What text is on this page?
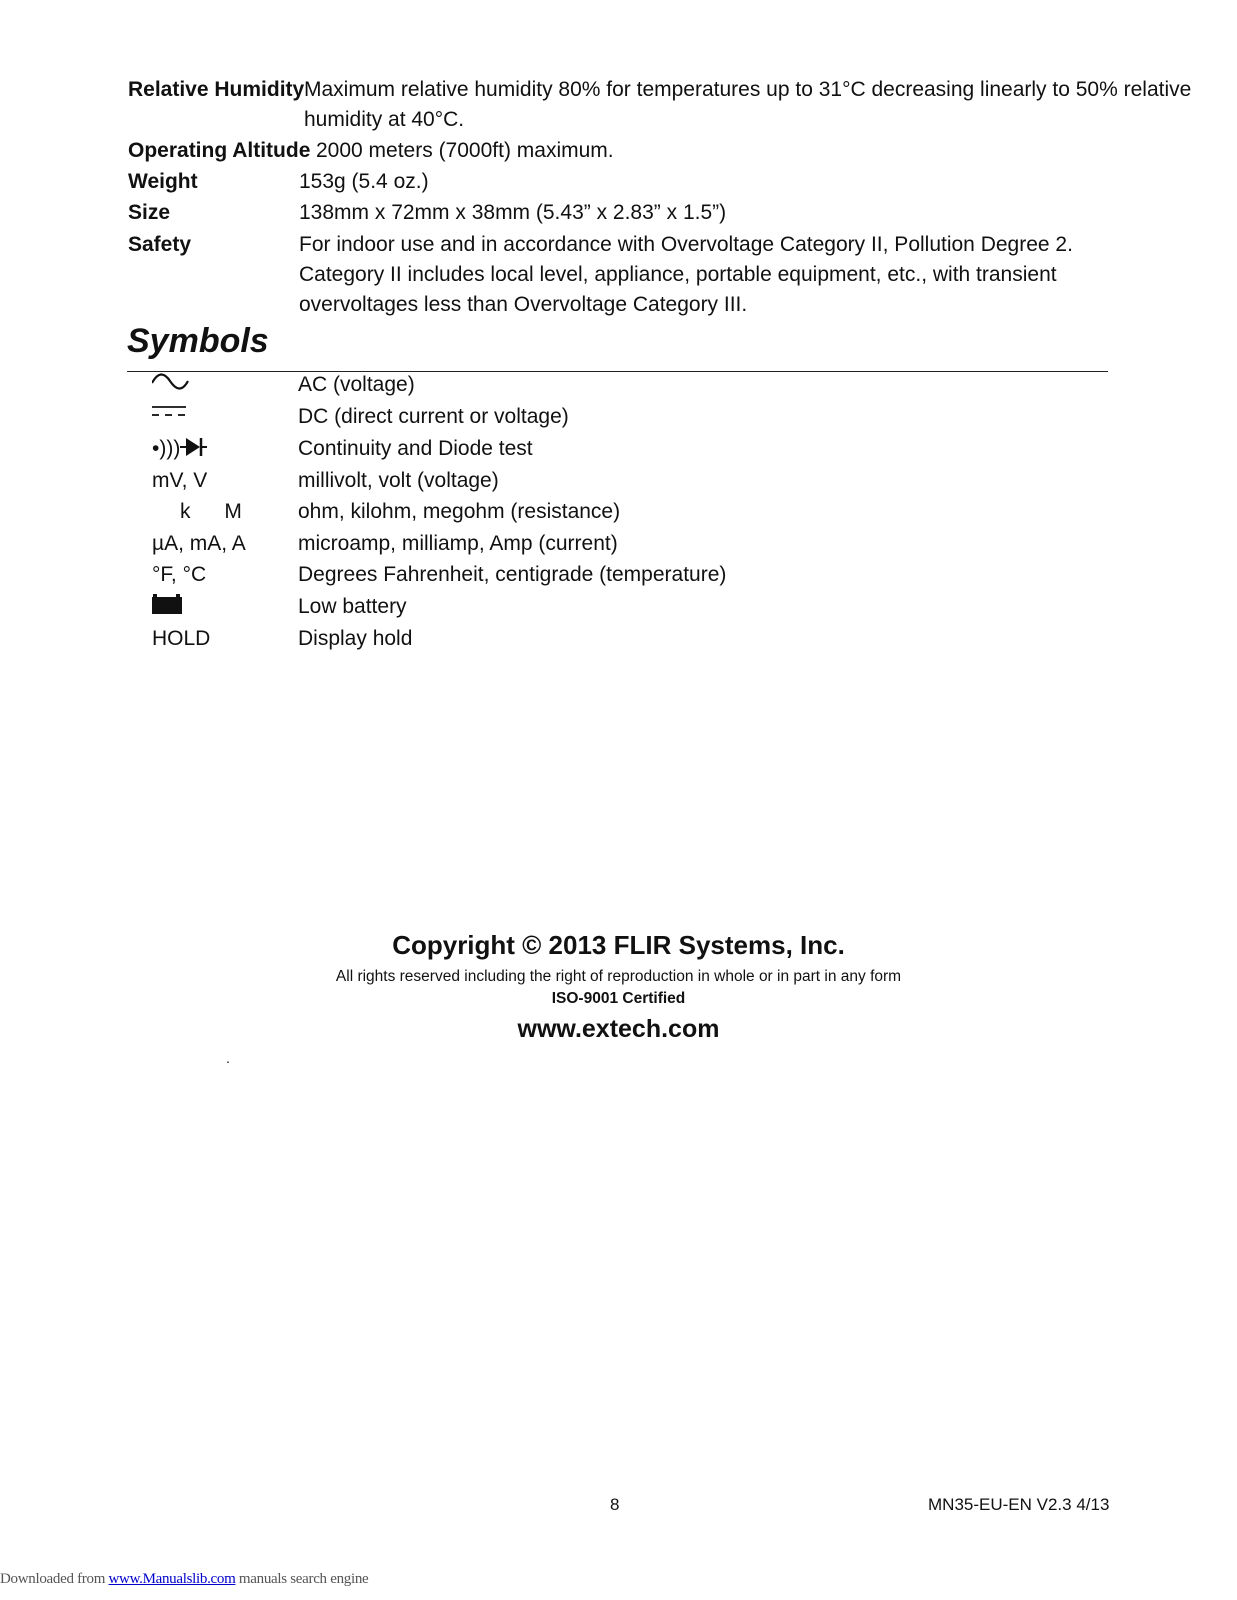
Relative Humidity Maximum relative humidity 80% for temperatures up to 31°C decreasing linearly to 50% relative humidity at 40°C.
Operating Altitude 2000 meters (7000ft) maximum.
Weight	153g (5.4 oz.)
Size	138mm x 72mm x 38mm (5.43” x 2.83” x 1.5”)
Safety	For indoor use and in accordance with Overvoltage Category II, Pollution Degree 2. Category II includes local level, appliance, portable equipment, etc., with transient overvoltages less than Overvoltage Category III.
Symbols
AC (voltage)
DC (direct current or voltage)
•)))	Continuity and Diode test
mV, V	millivolt, volt (voltage)
k M	ohm, kilohm, megohm (resistance)
µA, mA, A	microamp, milliamp, Amp (current)
°F, °C	Degrees Fahrenheit, centigrade (temperature)
Low battery
HOLD	Display hold
Copyright © 2013 FLIR Systems, Inc.
All rights reserved including the right of reproduction in whole or in part in any form
ISO-9001 Certified
www.extech.com
.
8	MN35-EU-EN V2.3 4/13
Downloaded from www.Manualslib.com manuals search engine
